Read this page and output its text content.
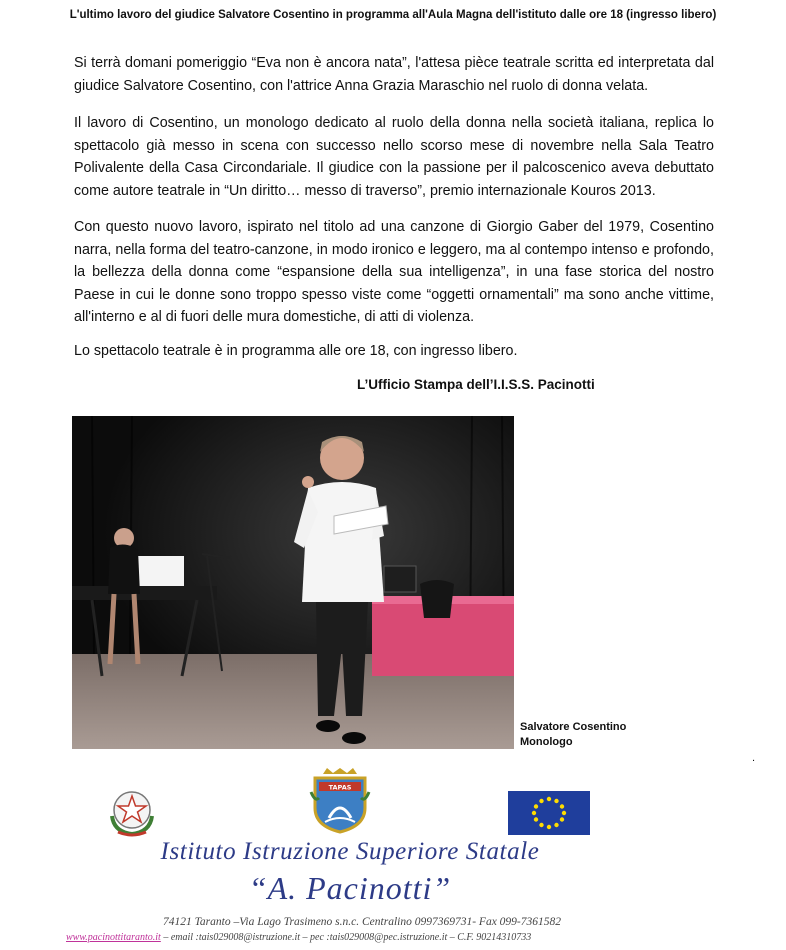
L'ultimo lavoro del giudice Salvatore Cosentino in programma all'Aula Magna dell'istituto dalle ore 18 (ingresso libero)

Si terrà domani pomeriggio “Eva non è ancora nata”, l'attesa pièce teatrale scritta ed interpretata dal giudice Salvatore Cosentino, con l'attrice Anna Grazia Maraschio nel ruolo di donna velata.

Il lavoro di Cosentino, un monologo dedicato al ruolo della donna nella società italiana, replica lo spettacolo già messo in scena con successo nello scorso mese di novembre nella Sala Teatro Polivalente della Casa Circondariale. Il giudice con la passione per il palcoscenico aveva debuttato come autore teatrale in “Un diritto… messo di traverso”, premio internazionale Kouros 2013.

Con questo nuovo lavoro, ispirato nel titolo ad una canzone di Giorgio Gaber del 1979, Cosentino narra, nella forma del teatro-canzone, in modo ironico e leggero, ma al contempo intenso e profondo, la bellezza della donna come “espansione della sua intelligenza”, in una fase storica del nostro Paese in cui le donne sono troppo spesso viste come “oggetti ornamentali” ma sono anche vittime, all'interno e al di fuori delle mura domestiche, di atti di violenza.

Lo spettacolo teatrale è in programma alle ore 18, con ingresso libero.

L’Ufficio Stampa dell’I.I.S.S. Pacinotti
Salvatore Cosentino
Monologo
.
TAPAS
Istituto Istruzione Superiore Statale
“A. Pacinotti”
74121 Taranto –Via Lago Trasimeno s.n.c. Centralino 0997369731- Fax 099-7361582
www.pacinottitaranto.it – email :tais029008@istruzione.it – pec :tais029008@pec.istruzione.it – C.F. 90214310733
